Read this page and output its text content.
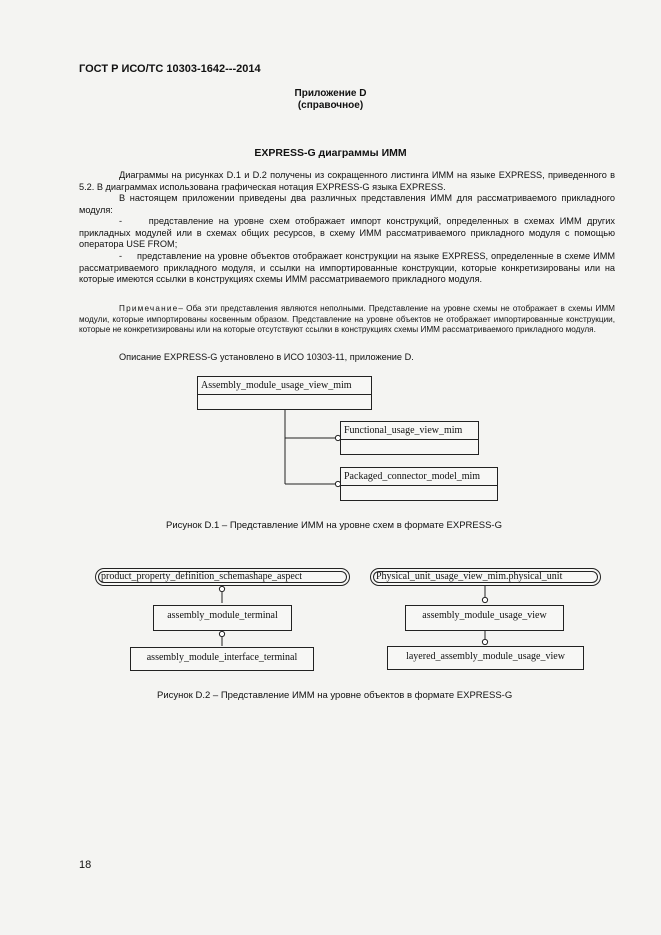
ГОСТ Р ИСО/ТС 10303-1642---2014
Приложение D
(справочное)
EXPRESS-G диаграммы ИММ
Диаграммы на рисунках D.1 и D.2 получены из сокращенного листинга ИММ на языке EXPRESS, приведенного в 5.2. В диаграммах использована графическая нотация EXPRESS-G языка EXPRESS.
В настоящем приложении приведены два различных представления ИММ для рассматриваемого прикладного модуля:
-	представление на уровне схем отображает импорт конструкций, определенных в схемах ИММ других прикладных модулей или в схемах общих ресурсов, в схему ИММ рассматриваемого прикладного модуля с помощью оператора USE FROM;
- представление на уровне объектов отображает конструкции на языке EXPRESS, определенные в схеме ИММ рассматриваемого прикладного модуля, и ссылки на импортированные конструкции, которые конкретизированы или на которые имеются ссылки в конструкциях схемы ИММ рассматриваемого прикладного модуля.
Примечание– Оба эти представления являются неполными. Представление на уровне схемы не отображает в схемы ИММ модули, которые импортированы косвенным образом. Представление на уровне объектов не отображает импортированные конструкции, которые не конкретизированы или на которые отсутствуют ссылки в конструкциях схемы ИММ рассматриваемого прикладного модуля.
Описание EXPRESS-G установлено в ИСО 10303-11, приложение D.
Assembly_module_usage_view_mim
Functional_usage_view_mim
Packaged_connector_model_mim
Рисунок D.1 – Представление ИММ на уровне схем в формате EXPRESS-G
product_property_definition_schemashape_aspect
assembly_module_terminal
assembly_module_interface_terminal
Physical_unit_usage_view_mim.physical_unit
assembly_module_usage_view
layered_assembly_module_usage_view
Рисунок D.2 – Представление ИММ на уровне объектов в формате EXPRESS-G
18
